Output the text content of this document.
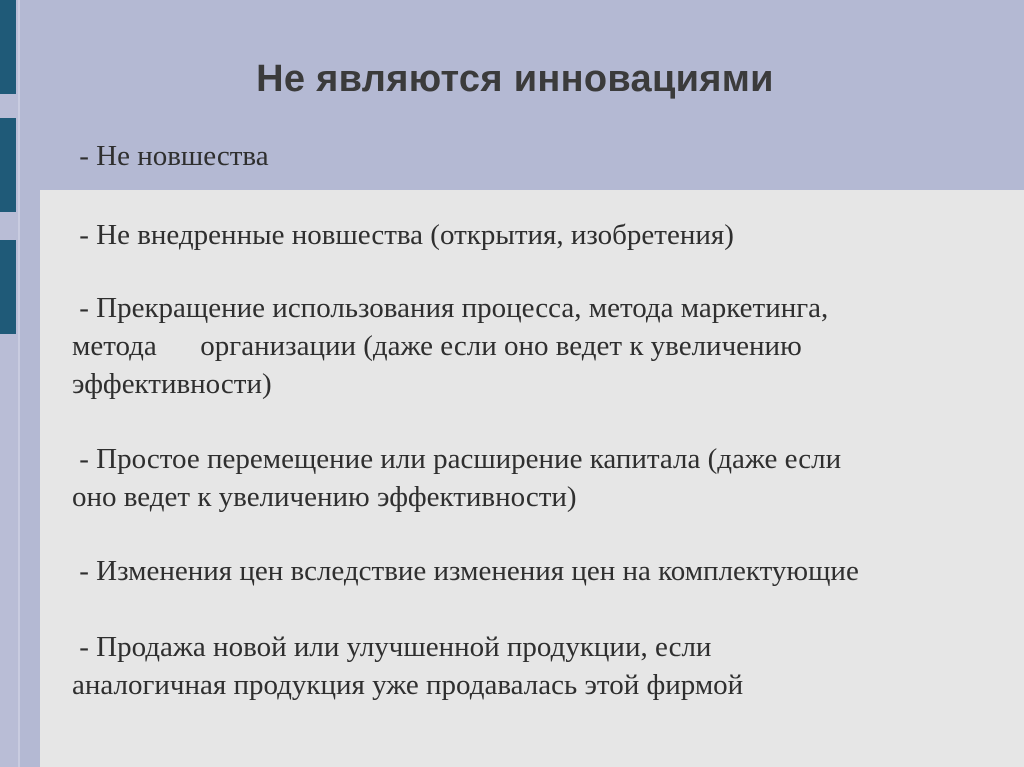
Не являются инновациями
- Не новшества
- Не внедренные новшества (открытия, изобретения)
- Прекращение использования процесса, метода маркетинга,
метода      организации (даже если оно ведет к увеличению
эффективности)
- Простое перемещение или расширение капитала (даже если
оно ведет к увеличению эффективности)
- Изменения цен вследствие изменения цен на комплектующие
- Продажа новой или улучшенной продукции, если
аналогичная продукция уже продавалась этой фирмой
